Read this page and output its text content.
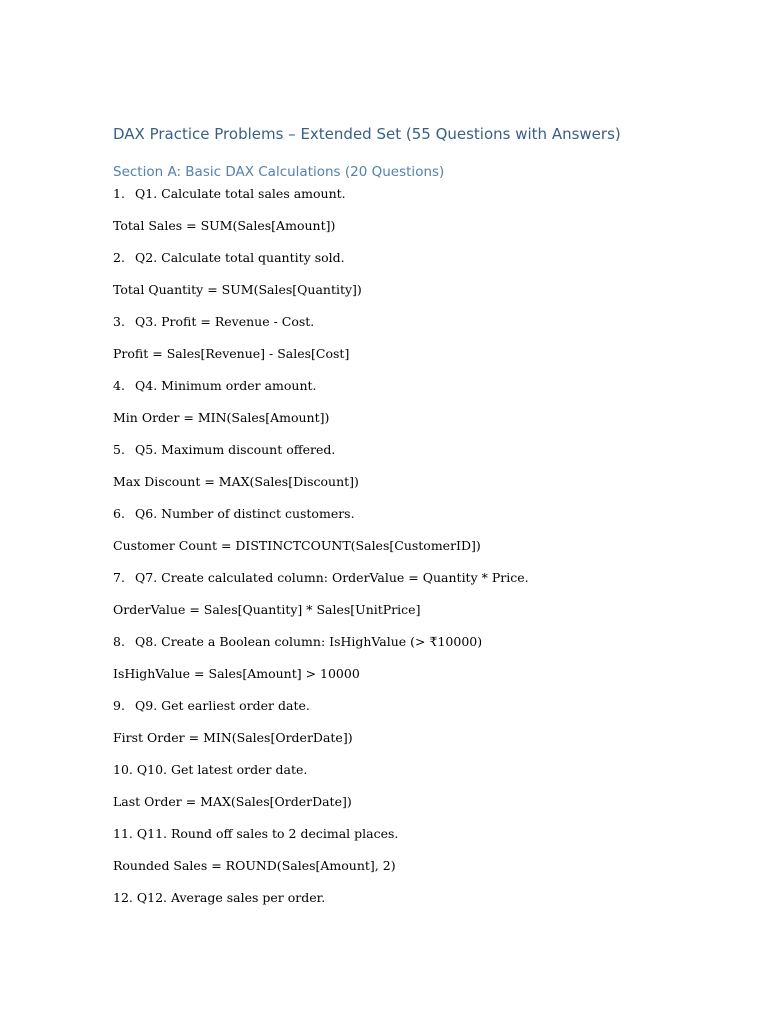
DAX Practice Problems – Extended Set (55 Questions with Answers)
Section A: Basic DAX Calculations (20 Questions)
1. Q1. Calculate total sales amount.
Total Sales = SUM(Sales[Amount])
2. Q2. Calculate total quantity sold.
Total Quantity = SUM(Sales[Quantity])
3. Q3. Profit = Revenue - Cost.
Profit = Sales[Revenue] - Sales[Cost]
4. Q4. Minimum order amount.
Min Order = MIN(Sales[Amount])
5. Q5. Maximum discount offered.
Max Discount = MAX(Sales[Discount])
6. Q6. Number of distinct customers.
Customer Count = DISTINCTCOUNT(Sales[CustomerID])
7. Q7. Create calculated column: OrderValue = Quantity * Price.
OrderValue = Sales[Quantity] * Sales[UnitPrice]
8. Q8. Create a Boolean column: IsHighValue (> ₹10000)
IsHighValue = Sales[Amount] > 10000
9. Q9. Get earliest order date.
First Order = MIN(Sales[OrderDate])
10. Q10. Get latest order date.
Last Order = MAX(Sales[OrderDate])
11. Q11. Round off sales to 2 decimal places.
Rounded Sales = ROUND(Sales[Amount], 2)
12. Q12. Average sales per order.
